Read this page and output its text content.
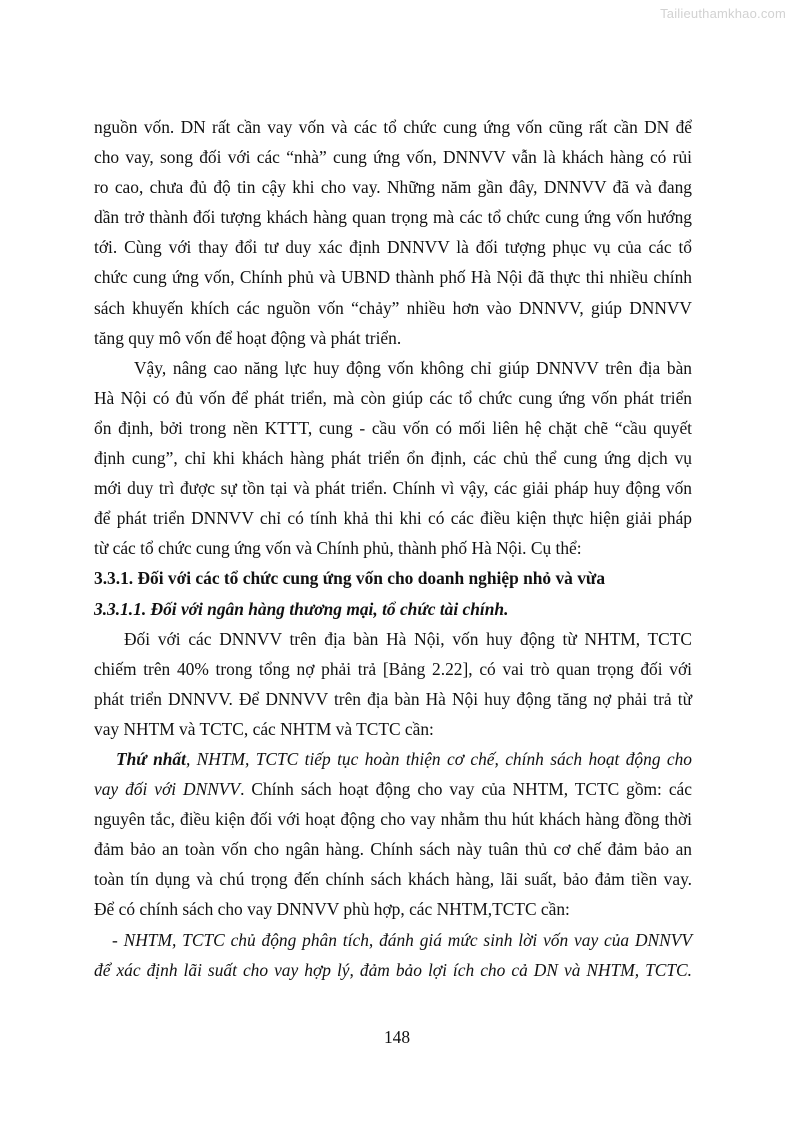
Tailieuthamkhao.com
nguồn vốn. DN rất cần vay vốn và các tổ chức cung ứng vốn cũng rất cần DN để
cho vay, song đối với các “nhà” cung ứng vốn, DNNVV vẫn là khách hàng có rủi
ro cao, chưa đủ độ tin cậy khi cho vay. Những năm gần đây, DNNVV đã và đang
dần trở thành đối tượng khách hàng quan trọng mà các tổ chức cung ứng vốn hướng
tới. Cùng với thay đổi tư duy xác định DNNVV là đối tượng phục vụ của các tổ
chức cung ứng vốn, Chính phủ và UBND thành phố Hà Nội đã thực thi nhiều chính
sách khuyến khích các nguồn vốn “chảy” nhiều hơn vào DNNVV, giúp DNNVV
tăng quy mô vốn để hoạt động và phát triển.
Vậy, nâng cao năng lực huy động vốn không chỉ giúp DNNVV trên địa bàn
Hà Nội có đủ vốn để phát triển, mà còn giúp các tổ chức cung ứng vốn phát triển
ổn định, bởi trong nền KTTT, cung - cầu vốn có mối liên hệ chặt chẽ “cầu quyết
định cung”, chỉ khi khách hàng phát triển ổn định, các chủ thể cung ứng dịch vụ
mới duy trì được sự tồn tại và phát triển. Chính vì vậy, các giải pháp huy động vốn
để phát triển DNNVV chỉ có tính khả thi khi có các điều kiện thực hiện giải pháp
từ các tổ chức cung ứng vốn và Chính phủ, thành phố Hà Nội. Cụ thể:
3.3.1. Đối với các tổ chức cung ứng vốn cho doanh nghiệp nhỏ và vừa
3.3.1.1. Đối với ngân hàng thương mại, tổ chức tài chính.
Đối với các DNNVV trên địa bàn Hà Nội, vốn huy động từ NHTM, TCTC
chiếm trên 40% trong tổng nợ phải trả [Bảng 2.22], có vai trò quan trọng đối với
phát triển DNNVV. Để DNNVV trên địa bàn Hà Nội huy động tăng nợ phải trả từ
vay NHTM và TCTC, các NHTM và TCTC cần:
Thứ nhất, NHTM, TCTC tiếp tục hoàn thiện cơ chế, chính sách hoạt động cho
vay đối với DNNVV. Chính sách hoạt động cho vay của NHTM, TCTC gồm: các
nguyên tắc, điều kiện đối với hoạt động cho vay nhằm thu hút khách hàng đồng thời
đảm bảo an toàn vốn cho ngân hàng. Chính sách này tuân thủ cơ chế đảm bảo an
toàn tín dụng và chú trọng đến chính sách khách hàng, lãi suất, bảo đảm tiền vay.
Để có chính sách cho vay DNNVV phù hợp, các NHTM,TCTC cần:
- NHTM, TCTC chủ động phân tích, đánh giá mức sinh lời vốn vay của DNNVV
để xác định lãi suất cho vay hợp lý, đảm bảo lợi ích cho cả DN và NHTM, TCTC.
148
